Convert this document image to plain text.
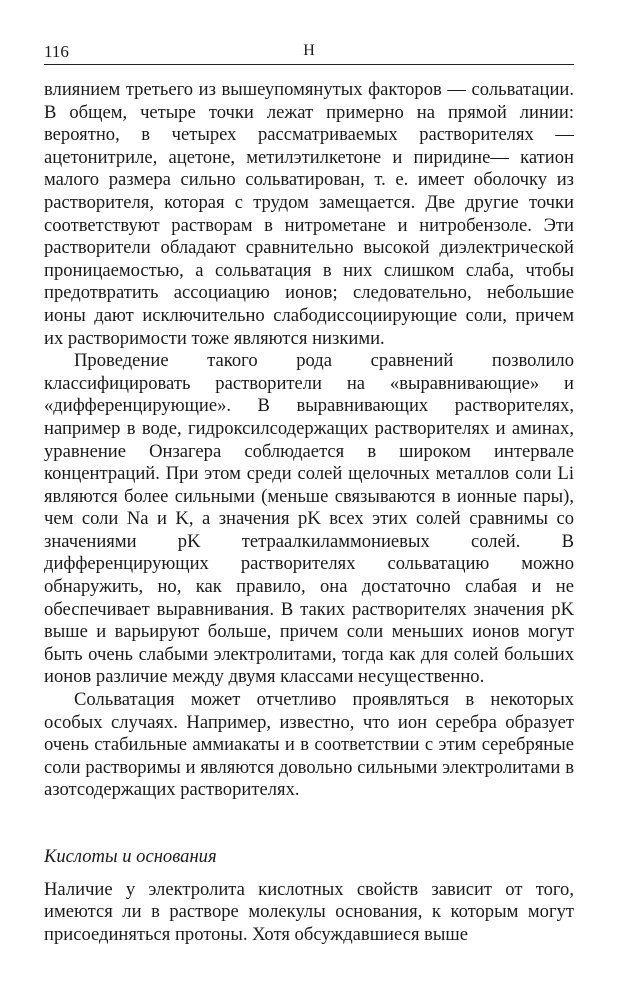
116	Н

влиянием третьего из вышеупомянутых факторов — сольватации. В общем, четыре точки лежат примерно на прямой линии: вероятно, в четырех рассматриваемых растворителях — ацетонитриле, ацетоне, метилэтилкетоне и пиридине— катион малого размера сильно сольватирован, т. е. имеет оболочку из растворителя, которая с трудом замещается. Две другие точки соответствуют растворам в нитрометане и нитробензоле. Эти растворители обладают сравнительно высокой диэлектрической проницаемостью, а сольватация в них слишком слаба, чтобы предотвратить ассоциацию ионов; следовательно, небольшие ионы дают исключительно слабодиссоциирующие соли, причем их растворимости тоже являются низкими.

Проведение такого рода сравнений позволило классифицировать растворители на «выравнивающие» и «дифференцирующие». В выравнивающих растворителях, например в воде, гидроксилсодержащих растворителях и аминах, уравнение Онзагера соблюдается в широком интервале концентраций. При этом среди солей щелочных металлов соли Li являются более сильными (меньше связываются в ионные пары), чем соли Na и K, а значения рK всех этих солей сравнимы со значениями рK тетраалкиламмониевых солей. В дифференцирующих растворителях сольватацию можно обнаружить, но, как правило, она достаточно слабая и не обеспечивает выравнивания. В таких растворителях значения рK выше и варьируют больше, причем соли меньших ионов могут быть очень слабыми электролитами, тогда как для солей больших ионов различие между двумя классами несущественно.

Сольватация может отчетливо проявляться в некоторых особых случаях. Например, известно, что ион серебра образует очень стабильные аммиакаты и в соответствии с этим серебряные соли растворимы и являются довольно сильными электролитами в азотсодержащих растворителях.

Кислоты и основания

Наличие у электролита кислотных свойств зависит от того, имеются ли в растворе молекулы основания, к которым могут присоединяться протоны. Хотя обсуждавшиеся выше
